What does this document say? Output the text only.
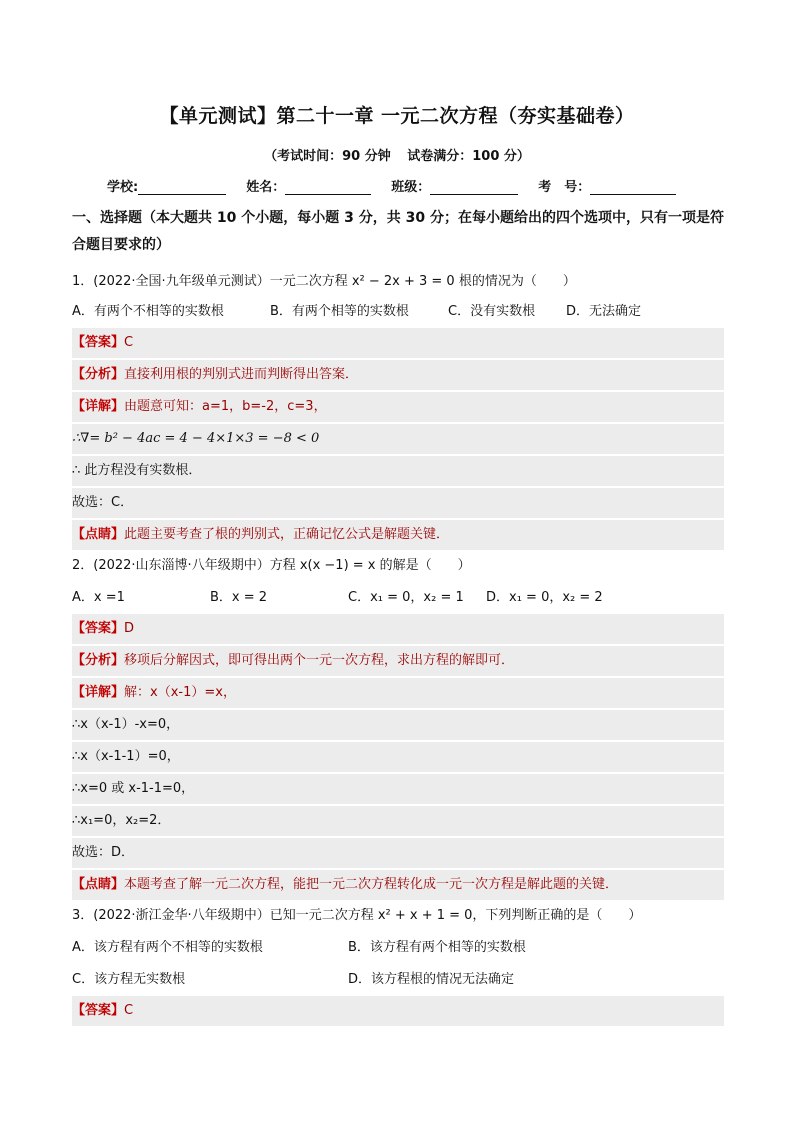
【单元测试】第二十一章 一元二次方程（夯实基础卷）
（考试时间：90 分钟 试卷满分：100 分）
学校:	姓名：	班级：	考　号：
一、选择题（本大题共 10 个小题，每小题 3 分，共 30 分；在每小题给出的四个选项中，只有一项是符合题目要求的）
1．(2022·全国·九年级单元测试）一元二次方程 x² − 2x + 3 = 0 根的情况为（　　）
A．有两个不相等的实数根	B．有两个相等的实数根	C．没有实数根 D．无法确定
【答案】C
【分析】直接利用根的判别式进而判断得出答案．
【详解】由题意可知：a=1，b=-2，c=3，
∴∇= b² − 4ac = 4 − 4×1×3 = −8 < 0
∴ 此方程没有实数根．
故选：C．
【点睛】此题主要考查了根的判别式，正确记忆公式是解题关键．
2．(2022·山东淄博·八年级期中）方程 x(x −1) = x 的解是（　　）
A．x =1	B．x = 2	C．x₁ = 0，x₂ = 1 D．x₁ = 0，x₂ = 2
【答案】D
【分析】移项后分解因式，即可得出两个一元一次方程，求出方程的解即可．
【详解】解：x（x-1）=x，
∴x（x-1）-x=0，
∴x（x-1-1）=0，
∴x=0 或 x-1-1=0，
∴x₁=0，x₂=2．
故选：D．
【点睛】本题考查了解一元二次方程，能把一元二次方程转化成一元一次方程是解此题的关键．
3．(2022·浙江金华·八年级期中）已知一元二次方程 x² + x + 1 = 0，下列判断正确的是（　　）
A．该方程有两个不相等的实数根	B．该方程有两个相等的实数根
C．该方程无实数根	D．该方程根的情况无法确定
【答案】C
